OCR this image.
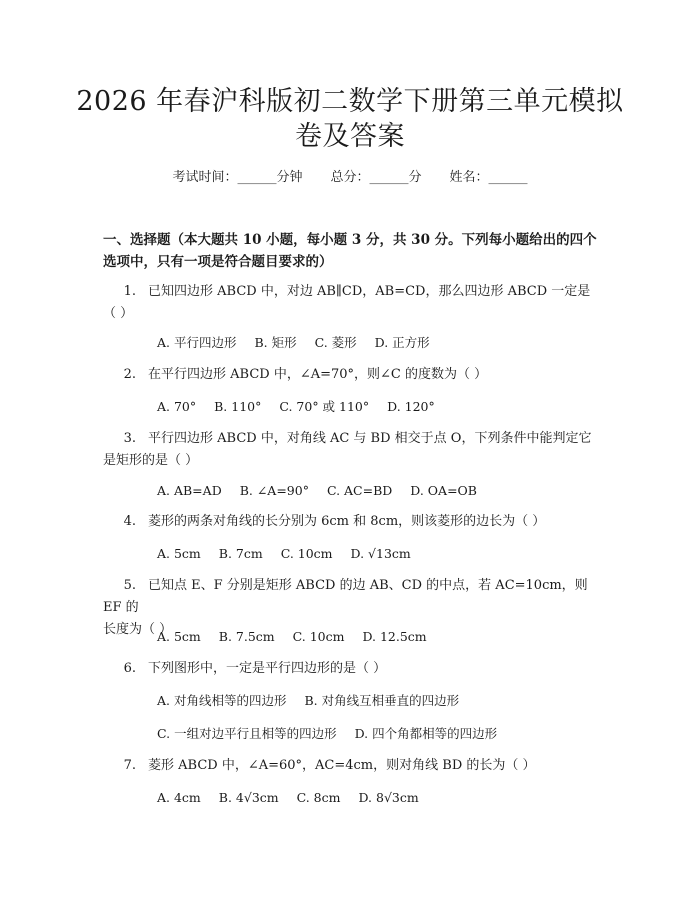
2026 年春沪科版初二数学下册第三单元模拟
卷及答案
考试时间：______分钟 总分：______分 姓名：______
一、选择题（本大题共 10 小题，每小题 3 分，共 30 分。下列每小题给出的四个
选项中，只有一项是符合题目要求的）
1. 已知四边形 ABCD 中，对边 AB∥CD，AB=CD，那么四边形 ABCD 一定是
（ ）
A. 平行四边形 B. 矩形 C. 菱形 D. 正方形
2. 在平行四边形 ABCD 中，∠A=70°，则∠C 的度数为（ ）
A. 70° B. 110° C. 70° 或 110° D. 120°
3. 平行四边形 ABCD 中，对角线 AC 与 BD 相交于点 O，下列条件中能判定它
是矩形的是（ ）
A. AB=AD B. ∠A=90° C. AC=BD D. OA=OB
4. 菱形的两条对角线的长分别为 6cm 和 8cm，则该菱形的边长为（ ）
A. 5cm B. 7cm C. 10cm D. √13cm
5. 已知点 E、F 分别是矩形 ABCD 的边 AB、CD 的中点，若 AC=10cm，则 EF 的
长度为（ ）
A. 5cm B. 7.5cm C. 10cm D. 12.5cm
6. 下列图形中，一定是平行四边形的是（ ）
A. 对角线相等的四边形 B. 对角线互相垂直的四边形
C. 一组对边平行且相等的四边形 D. 四个角都相等的四边形
7. 菱形 ABCD 中，∠A=60°，AC=4cm，则对角线 BD 的长为（ ）
A. 4cm B. 4√3cm C. 8cm D. 8√3cm
